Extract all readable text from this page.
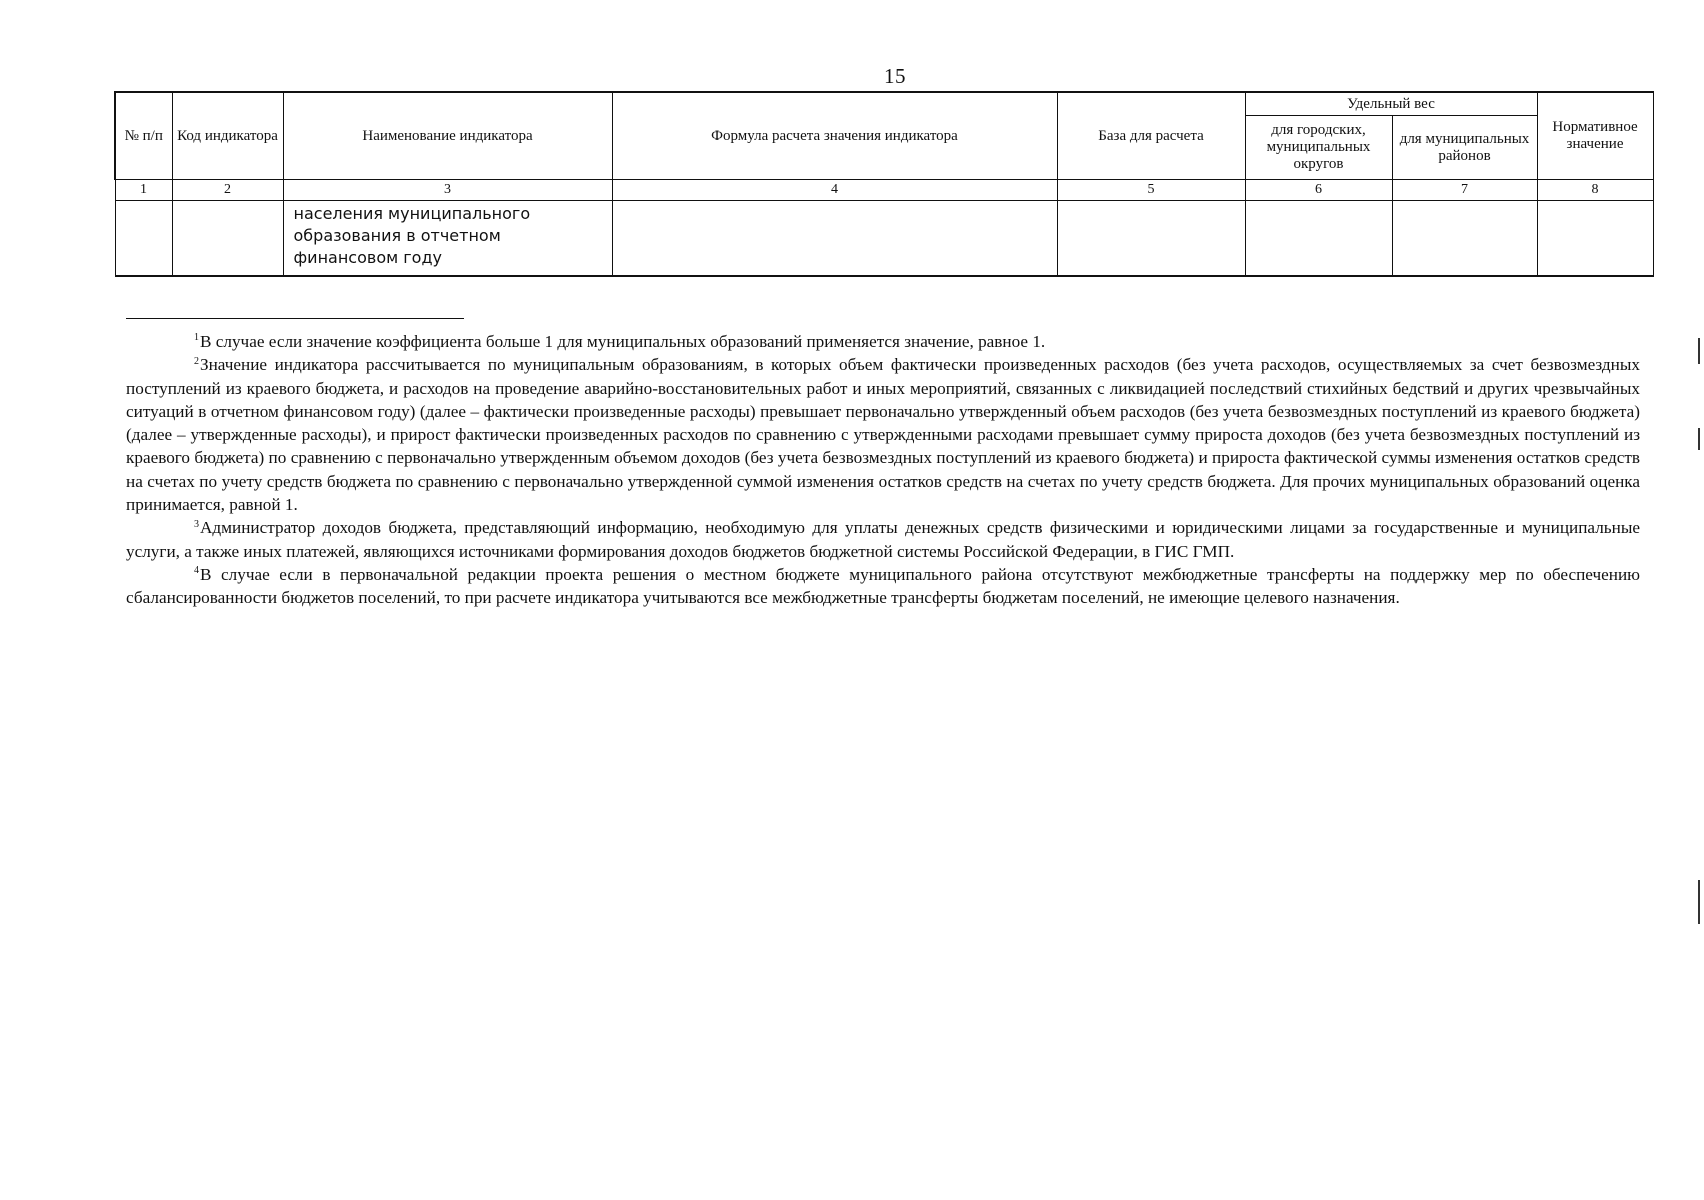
15
№ п/п	Код индикатора	Наименование индикатора	Формула расчета значения индикатора	База для расчета	Удельный вес		Нормативное значение
					для городских, муниципальных округов	для муниципальных районов	
1	2	3	4	5	6	7	8
		населения муниципального образования в отчетном финансовом году					

$^1$В случае если значение коэффициента больше 1 для муниципальных образований применяется значение, равное 1.

$^2$Значение индикатора рассчитывается по муниципальным образованиям, в которых объем фактически произведенных расходов (без учета расходов, осуществляемых за счет безвозмездных поступлений из краевого бюджета, и расходов на проведение аварийно-восстановительных работ и иных мероприятий, связанных с ликвидацией последствий стихийных бедствий и других чрезвычайных ситуаций в отчетном финансовом году) (далее – фактически произведенные расходы) превышает первоначально утвержденный объем расходов (без учета безвозмездных поступлений из краевого бюджета) (далее – утвержденные расходы), и прирост фактически произведенных расходов по сравнению с утвержденными расходами превышает сумму прироста доходов (без учета безвозмездных поступлений из краевого бюджета) по сравнению с первоначально утвержденным объемом доходов (без учета безвозмездных поступлений из краевого бюджета) и прироста фактической суммы изменения остатков средств на счетах по учету средств бюджета по сравнению с первоначально утвержденной суммой изменения остатков средств на счетах по учету средств бюджета. Для прочих муниципальных образований оценка принимается, равной 1.

$^3$Администратор доходов бюджета, представляющий информацию, необходимую для уплаты денежных средств физическими и юридическими лицами за государственные и муниципальные услуги, а также иных платежей, являющихся источниками формирования доходов бюджетов бюджетной системы Российской Федерации, в ГИС ГМП.

$^4$В случае если в первоначальной редакции проекта решения о местном бюджете муниципального района отсутствуют межбюджетные трансферты на поддержку мер по обеспечению сбалансированности бюджетов поселений, то при расчете индикатора учитываются все межбюджетные трансферты бюджетам поселений, не имеющие целевого назначения.
